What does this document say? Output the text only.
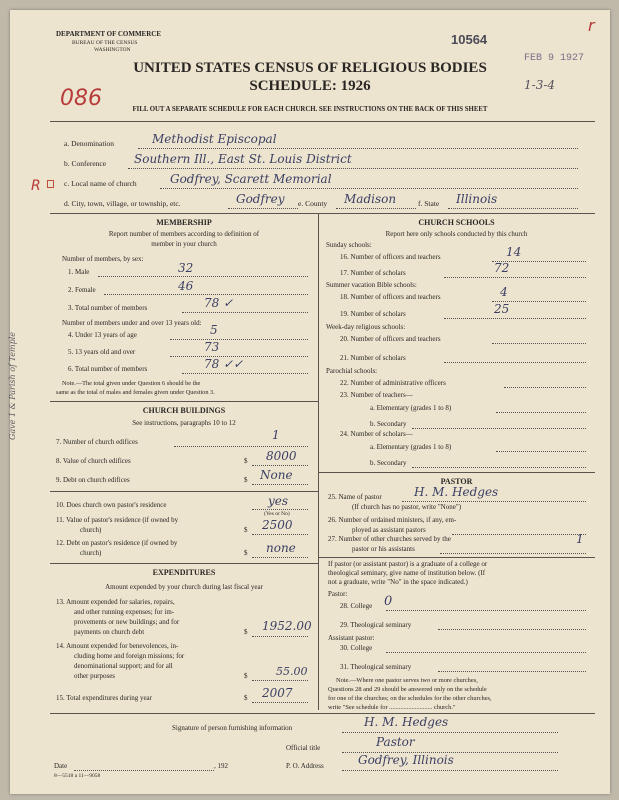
DEPARTMENT OF COMMERCE
BUREAU OF THE CENSUS
WASHINGTON
10564
FEB 9 1927
r
UNITED STATES CENSUS OF RELIGIOUS BODIES
SCHEDULE: 1926
086
1-3-4
FILL OUT A SEPARATE SCHEDULE FOR EACH CHURCH. SEE INSTRUCTIONS ON THE BACK OF THIS SHEET
R
a. Denomination	Methodist Episcopal
b. Conference Southern Ill., East St. Louis District
c. Local name of church	Godfrey, Scarett Memorial
d. City, town, village, or township, etc.	Godfrey e. County Madison	f. State Illinois
Gave 1 & Parish of Temple
MEMBERSHIP
Report number of members according to definition of
member in your church
Number of members, by sex:
1. Male	32
2. Female	46
3. Total number of members	78 ✓
Number of members under and over 13 years old:
4. Under 13 years of age	5
5. 13 years old and over	73
6. Total number of members	78 ✓✓
Note.—The total given under Question 6 should be the
same as the total of males and females given under Question 3.
CHURCH BUILDINGS
See instructions, paragraphs 10 to 12
7. Number of church edifices	1
8. Value of church edifices	$ 8000
9. Debt on church edifices	$ None
10. Does church own pastor's residence	yes
(Yes or No)
11. Value of pastor's residence (if owned by
church)	$ 2500
12. Debt on pastor's residence (if owned by
church)	$ none
EXPENDITURES
Amount expended by your church during last fiscal year
13. Amount expended for salaries, repairs,
and other running expenses; for im-
provements or new buildings; and for
payments on church debt	$ 1952.00
14. Amount expended for benevolences, in-
cluding home and foreign missions; for
denominational support; and for all
other purposes	$	55.00
15. Total expenditures during year	$ 2007
CHURCH SCHOOLS
Report here only schools conducted by this church
Sunday schools:
16. Number of officers and teachers	14
17. Number of scholars	72
Summer vacation Bible schools:
18. Number of officers and teachers	4
19. Number of scholars	25
Week-day religious schools:
20. Number of officers and teachers
21. Number of scholars
Parochial schools:
22. Number of administrative officers
23. Number of teachers—
a. Elementary (grades 1 to 8)
b. Secondary
24. Number of scholars—
a. Elementary (grades 1 to 8)
b. Secondary
PASTOR
25. Name of pastor	H. M. Hedges
(If church has no pastor, write "None")
26. Number of ordained ministers, if any, em-
ployed as assistant pastors
27. Number of other churches served by the
pastor or his assistants
1
If pastor (or assistant pastor) is a graduate of a college or
theological seminary, give name of institution below. (If
not a graduate, write "No" in the space indicated.)
Pastor:
28. College 0
29. Theological seminary
Assistant pastor:
30. College
31. Theological seminary
Note.—Where one pastor serves two or more churches,
Questions 28 and 29 should be answered only on the schedule
for one of the churches; on the schedules for the other churches,
write "See schedule for ........................... church."
Signature of person furnishing information	H. M. Hedges
Official title	Pastor
Date	, 192	P. O. Address	Godfrey, Illinois
8—5518 a 11—9058
